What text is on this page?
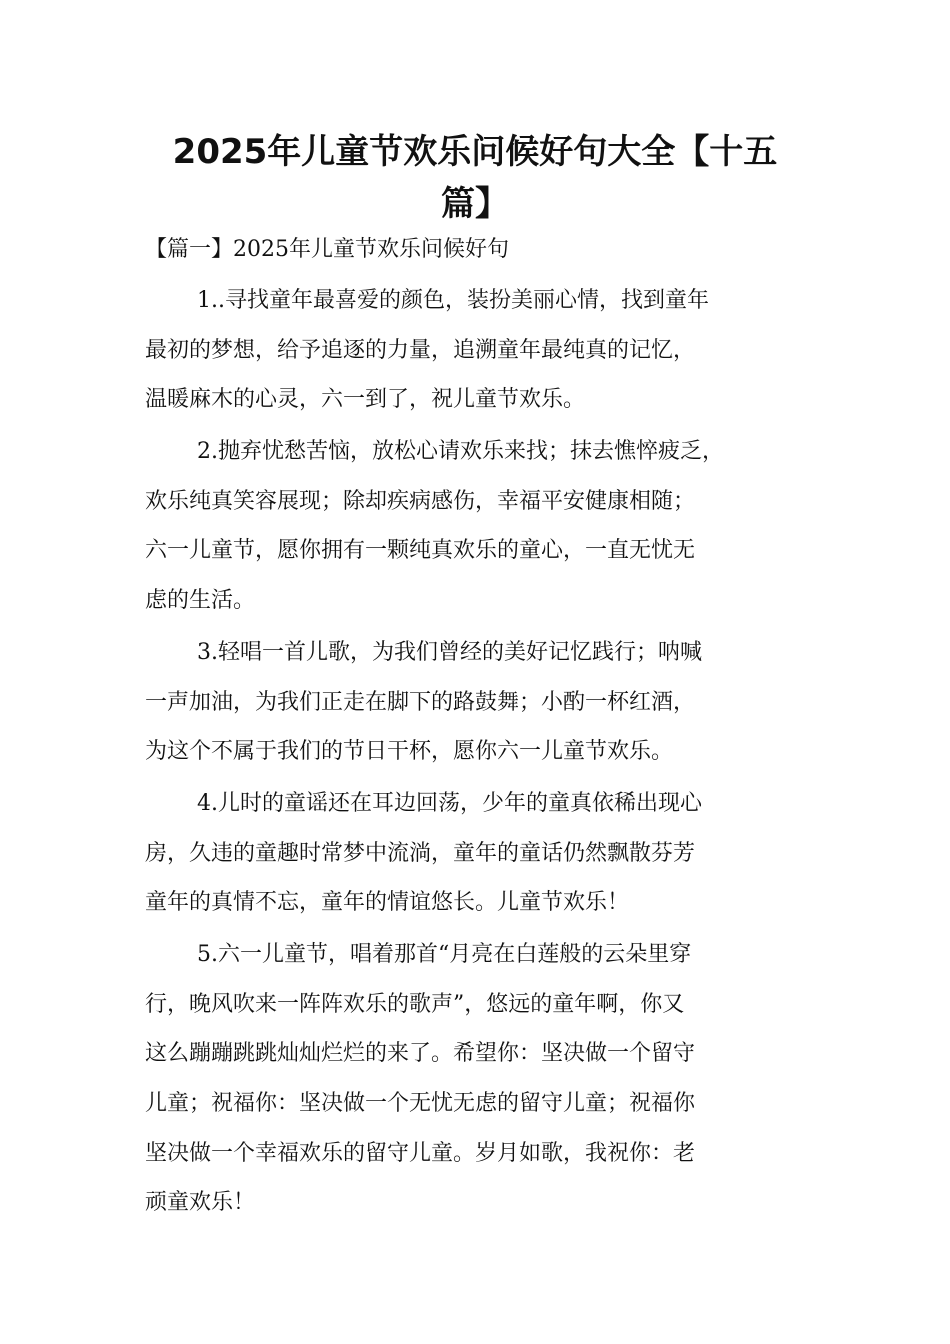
2025年儿童节欢乐问候好句大全【十五
篇】

【篇一】2025年儿童节欢乐问候好句

1..寻找童年最喜爱的颜色，装扮美丽心情，找到童年
最初的梦想，给予追逐的力量，追溯童年最纯真的记忆，
温暖麻木的心灵，六一到了，祝儿童节欢乐。
2.抛弃忧愁苦恼，放松心请欢乐来找；抹去憔悴疲乏，
欢乐纯真笑容展现；除却疾病感伤，幸福平安健康相随；
六一儿童节，愿你拥有一颗纯真欢乐的童心，一直无忧无
虑的生活。
3.轻唱一首儿歌，为我们曾经的美好记忆践行；呐喊
一声加油，为我们正走在脚下的路鼓舞；小酌一杯红酒，
为这个不属于我们的节日干杯，愿你六一儿童节欢乐。
4.儿时的童谣还在耳边回荡，少年的童真依稀出现心
房，久违的童趣时常梦中流淌，童年的童话仍然飘散芬芳
童年的真情不忘，童年的情谊悠长。儿童节欢乐！
5.六一儿童节，唱着那首“月亮在白莲般的云朵里穿
行，晚风吹来一阵阵欢乐的歌声”，悠远的童年啊，你又
这么蹦蹦跳跳灿灿烂烂的来了。希望你：坚决做一个留守
儿童；祝福你：坚决做一个无忧无虑的留守儿童；祝福你
坚决做一个幸福欢乐的留守儿童。岁月如歌，我祝你：老
顽童欢乐！
